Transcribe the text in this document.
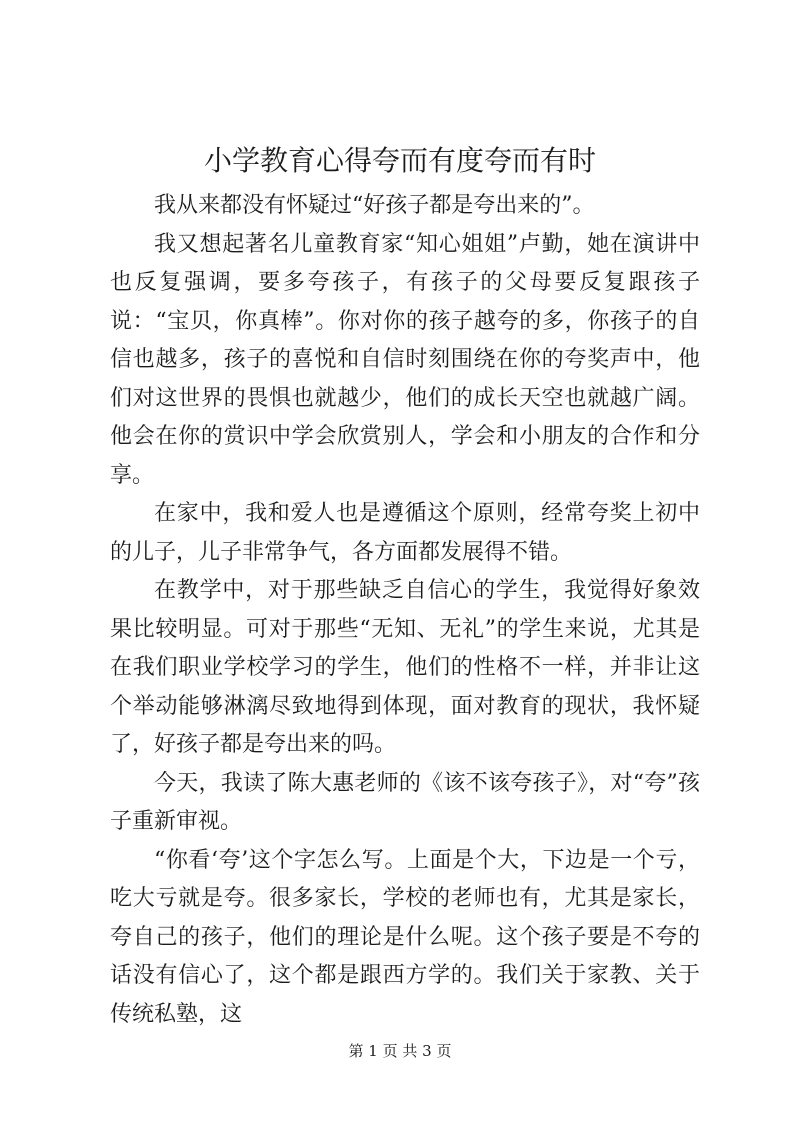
小学教育心得夸而有度夸而有时

我从来都没有怀疑过“好孩子都是夸出来的”。

我又想起著名儿童教育家“知心姐姐”卢勤，她在演讲中也反复强调，要多夸孩子，有孩子的父母要反复跟孩子说：“宝贝，你真棒”。你对你的孩子越夸的多，你孩子的自信也越多，孩子的喜悦和自信时刻围绕在你的夸奖声中，他们对这世界的畏惧也就越少，他们的成长天空也就越广阔。他会在你的赏识中学会欣赏别人，学会和小朋友的合作和分享。

在家中，我和爱人也是遵循这个原则，经常夸奖上初中的儿子，儿子非常争气，各方面都发展得不错。

在教学中，对于那些缺乏自信心的学生，我觉得好象效果比较明显。可对于那些“无知、无礼”的学生来说，尤其是在我们职业学校学习的学生，他们的性格不一样，并非让这个举动能够淋漓尽致地得到体现，面对教育的现状，我怀疑了，好孩子都是夸出来的吗。

今天，我读了陈大惠老师的《该不该夸孩子》，对“夸”孩子重新审视。

“你看‘夸’这个字怎么写。上面是个大，下边是一个亏，吃大亏就是夸。很多家长，学校的老师也有，尤其是家长，夸自己的孩子，他们的理论是什么呢。这个孩子要是不夸的话没有信心了，这个都是跟西方学的。我们关于家教、关于传统私塾，这

第 1 页 共 3 页
